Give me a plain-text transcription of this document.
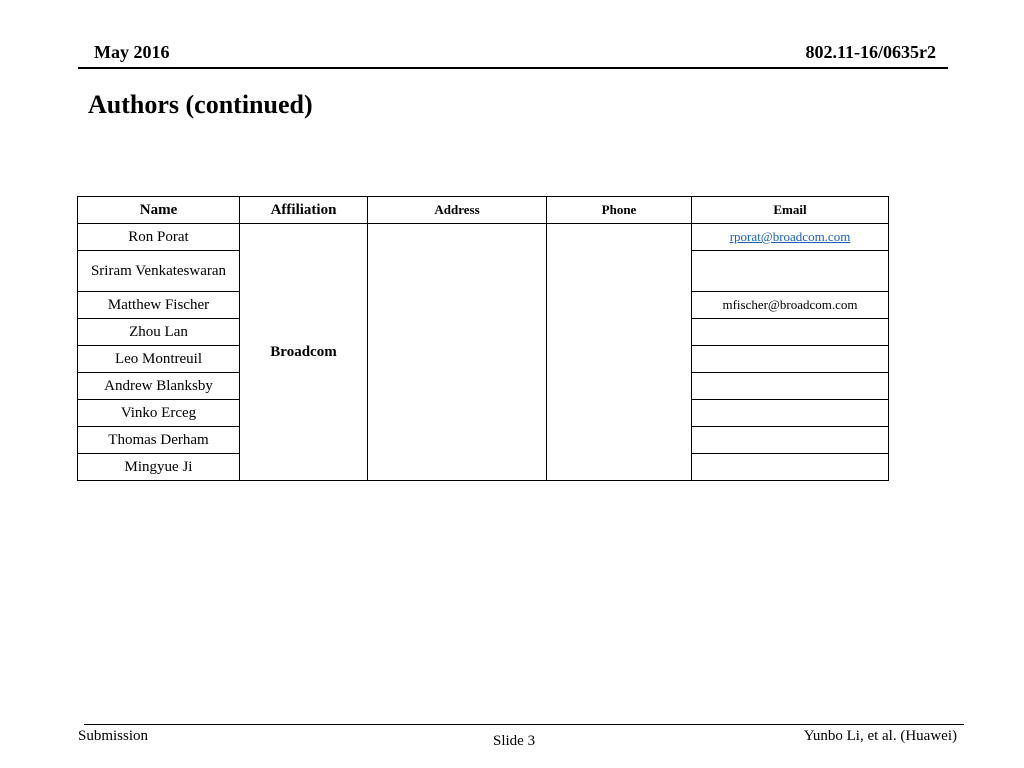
May 2016	802.11-16/0635r2
Authors (continued)
Name	Affiliation	Address	Phone	Email
Ron Porat	Broadcom			rporat@broadcom.com
Sriram Venkateswaran				
Matthew Fischer				mfischer@broadcom.com
Zhou Lan				
Leo Montreuil				
Andrew Blanksby				
Vinko Erceg				
Thomas Derham				
Mingyue Ji				
Submission	Slide 3	Yunbo Li, et al. (Huawei)
